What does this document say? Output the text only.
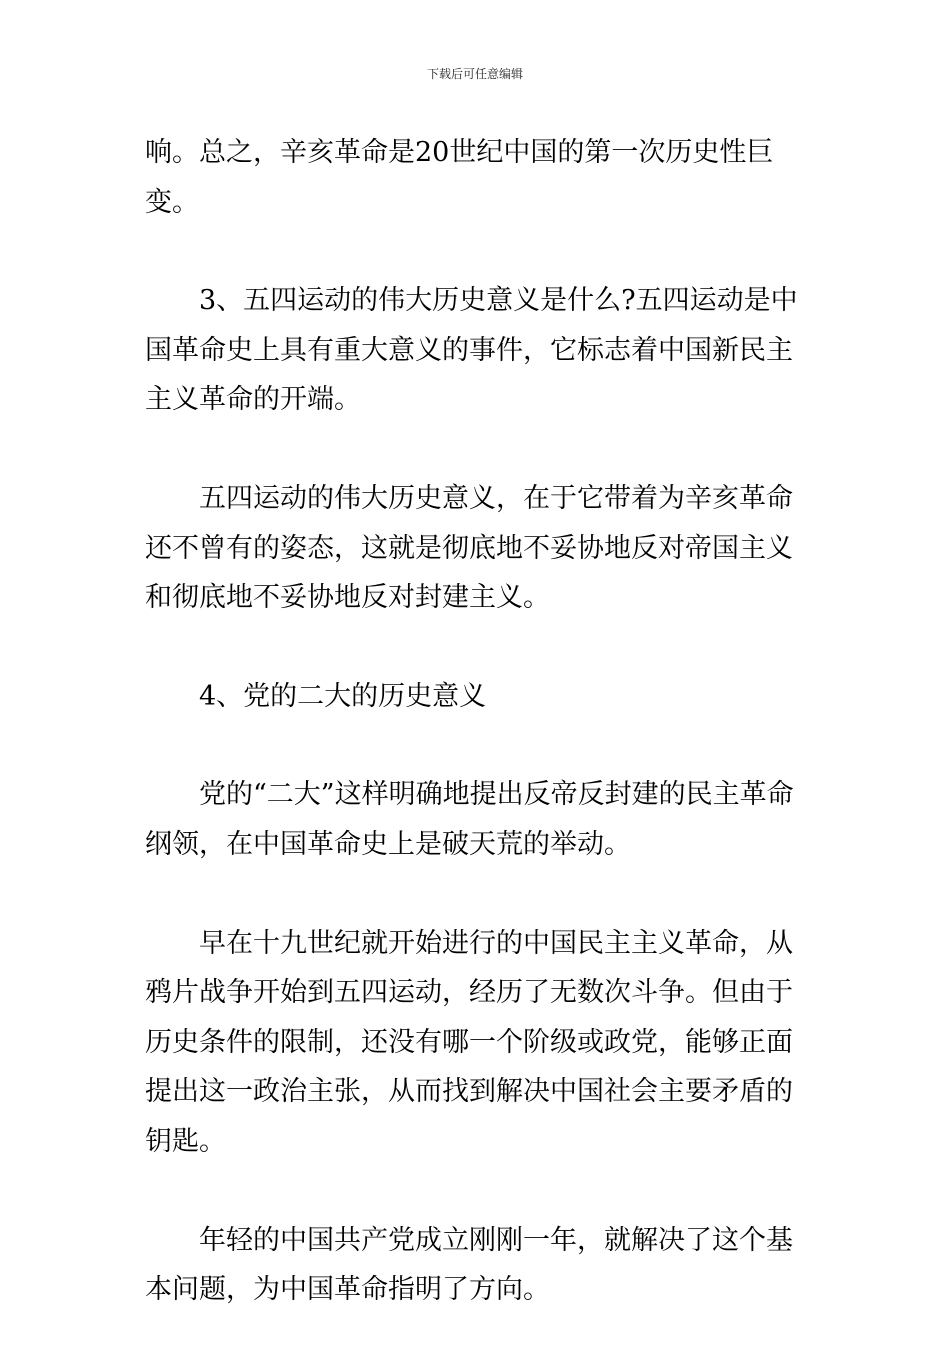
下载后可任意编辑

响。总之，辛亥革命是20世纪中国的第一次历史性巨变。

3、五四运动的伟大历史意义是什么?五四运动是中国革命史上具有重大意义的事件，它标志着中国新民主主义革命的开端。

五四运动的伟大历史意义，在于它带着为辛亥革命还不曾有的姿态，这就是彻底地不妥协地反对帝国主义和彻底地不妥协地反对封建主义。

4、党的二大的历史意义

党的“二大”这样明确地提出反帝反封建的民主革命纲领，在中国革命史上是破天荒的举动。

早在十九世纪就开始进行的中国民主主义革命，从鸦片战争开始到五四运动，经历了无数次斗争。但由于历史条件的限制，还没有哪一个阶级或政党，能够正面提出这一政治主张，从而找到解决中国社会主要矛盾的钥匙。

年轻的中国共产党成立刚刚一年，就解决了这个基本问题，为中国革命指明了方向。
